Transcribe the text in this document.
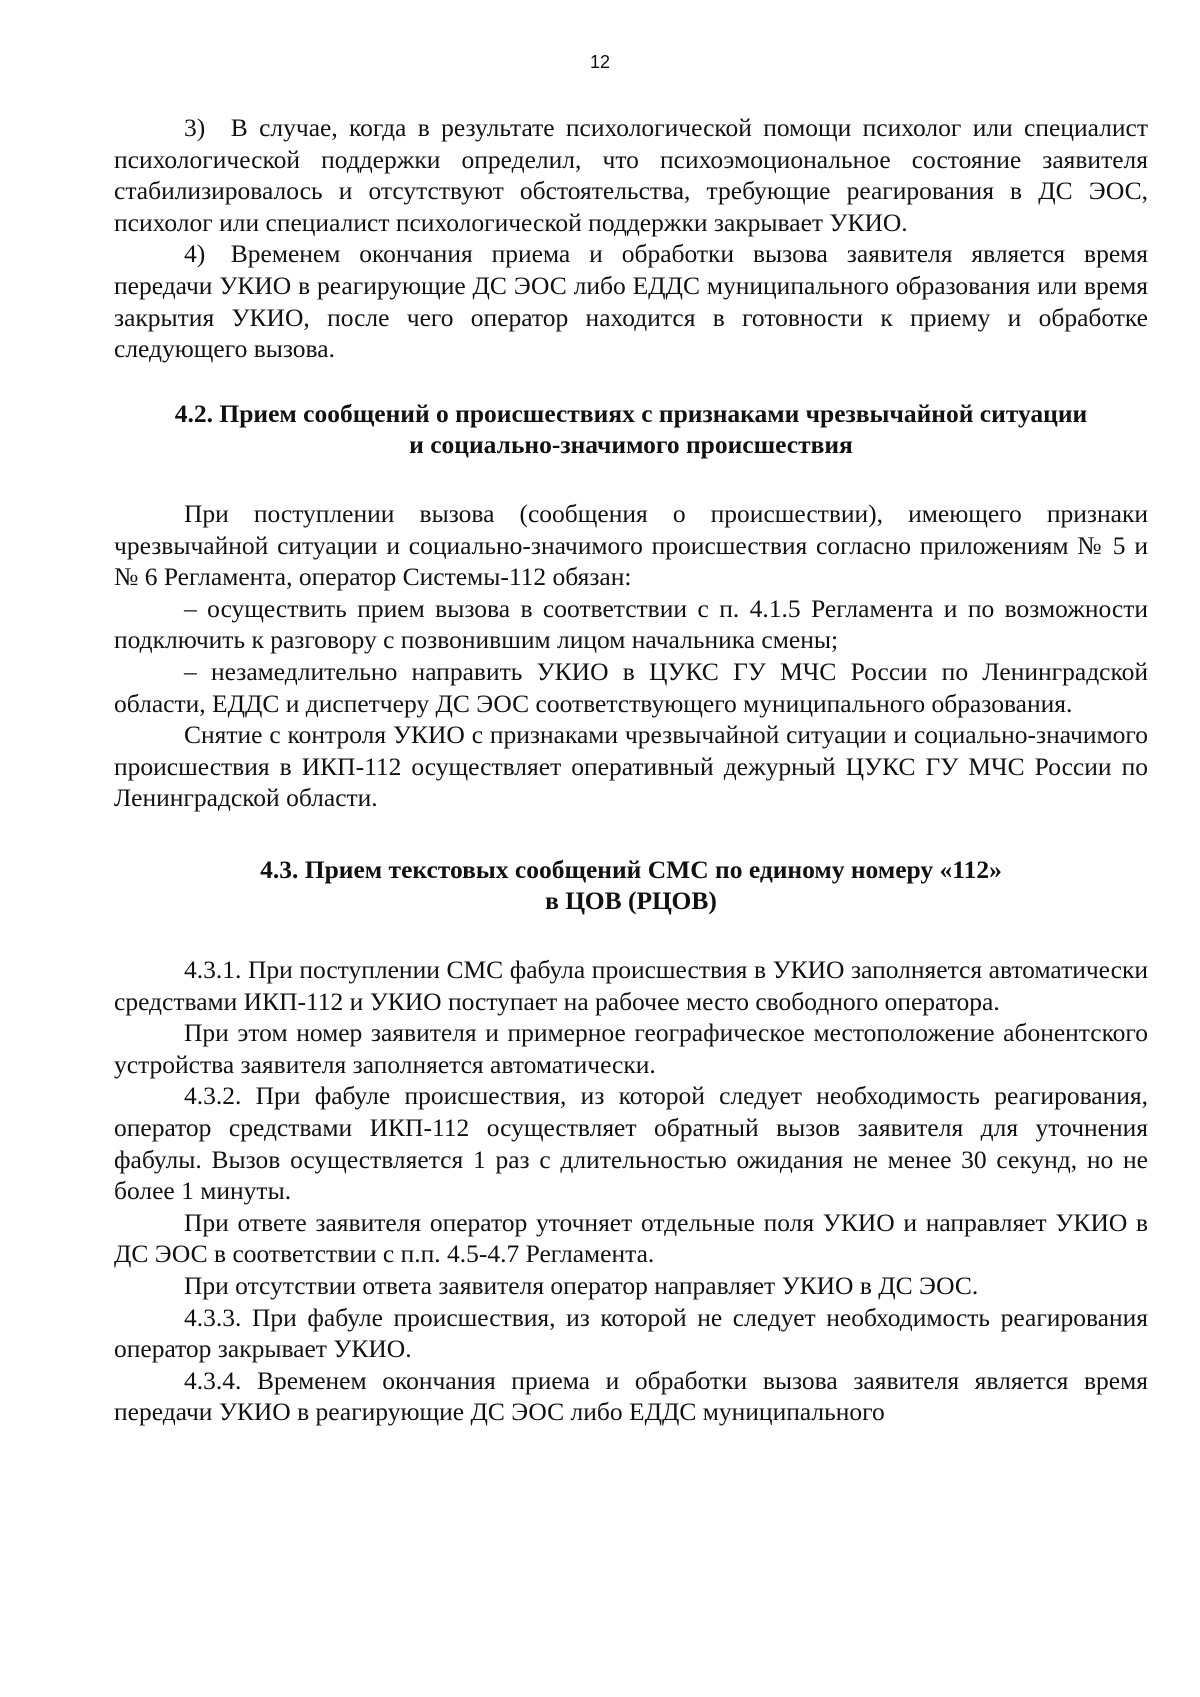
12

3) В случае, когда в результате психологической помощи психолог или специалист психологической поддержки определил, что психоэмоциональное состояние заявителя стабилизировалось и отсутствуют обстоятельства, требующие реагирования в ДС ЭОС, психолог или специалист психологической поддержки закрывает УКИО.

4) Временем окончания приема и обработки вызова заявителя является время передачи УКИО в реагирующие ДС ЭОС либо ЕДДС муниципального образования или время закрытия УКИО, после чего оператор находится в готовности к приему и обработке следующего вызова.

4.2. Прием сообщений о происшествиях с признаками чрезвычайной ситуации

и социально-значимого происшествия

При поступлении вызова (сообщения о происшествии), имеющего признаки чрезвычайной ситуации и социально-значимого происшествия согласно приложениям № 5 и № 6 Регламента, оператор Системы-112 обязан:

– осуществить прием вызова в соответствии с п. 4.1.5 Регламента и по возможности подключить к разговору с позвонившим лицом начальника смены;

– незамедлительно направить УКИО в ЦУКС ГУ МЧС России по Ленинградской области, ЕДДС и диспетчеру ДС ЭОС соответствующего муниципального образования.

Снятие с контроля УКИО с признаками чрезвычайной ситуации и социально-значимого происшествия в ИКП-112 осуществляет оперативный дежурный ЦУКС ГУ МЧС России по Ленинградской области.

4.3. Прием текстовых сообщений СМС по единому номеру «112»

в ЦОВ (РЦОВ)

4.3.1. При поступлении СМС фабула происшествия в УКИО заполняется автоматически средствами ИКП-112 и УКИО поступает на рабочее место свободного оператора.

При этом номер заявителя и примерное географическое местоположение абонентского устройства заявителя заполняется автоматически.

4.3.2. При фабуле происшествия, из которой следует необходимость реагирования, оператор средствами ИКП-112 осуществляет обратный вызов заявителя для уточнения фабулы. Вызов осуществляется 1 раз с длительностью ожидания не менее 30 секунд, но не более 1 минуты.

При ответе заявителя оператор уточняет отдельные поля УКИО и направляет УКИО в ДС ЭОС в соответствии с п.п. 4.5-4.7 Регламента.

При отсутствии ответа заявителя оператор направляет УКИО в ДС ЭОС.

4.3.3. При фабуле происшествия, из которой не следует необходимость реагирования оператор закрывает УКИО.

4.3.4. Временем окончания приема и обработки вызова заявителя является время передачи УКИО в реагирующие ДС ЭОС либо ЕДДС муниципального
